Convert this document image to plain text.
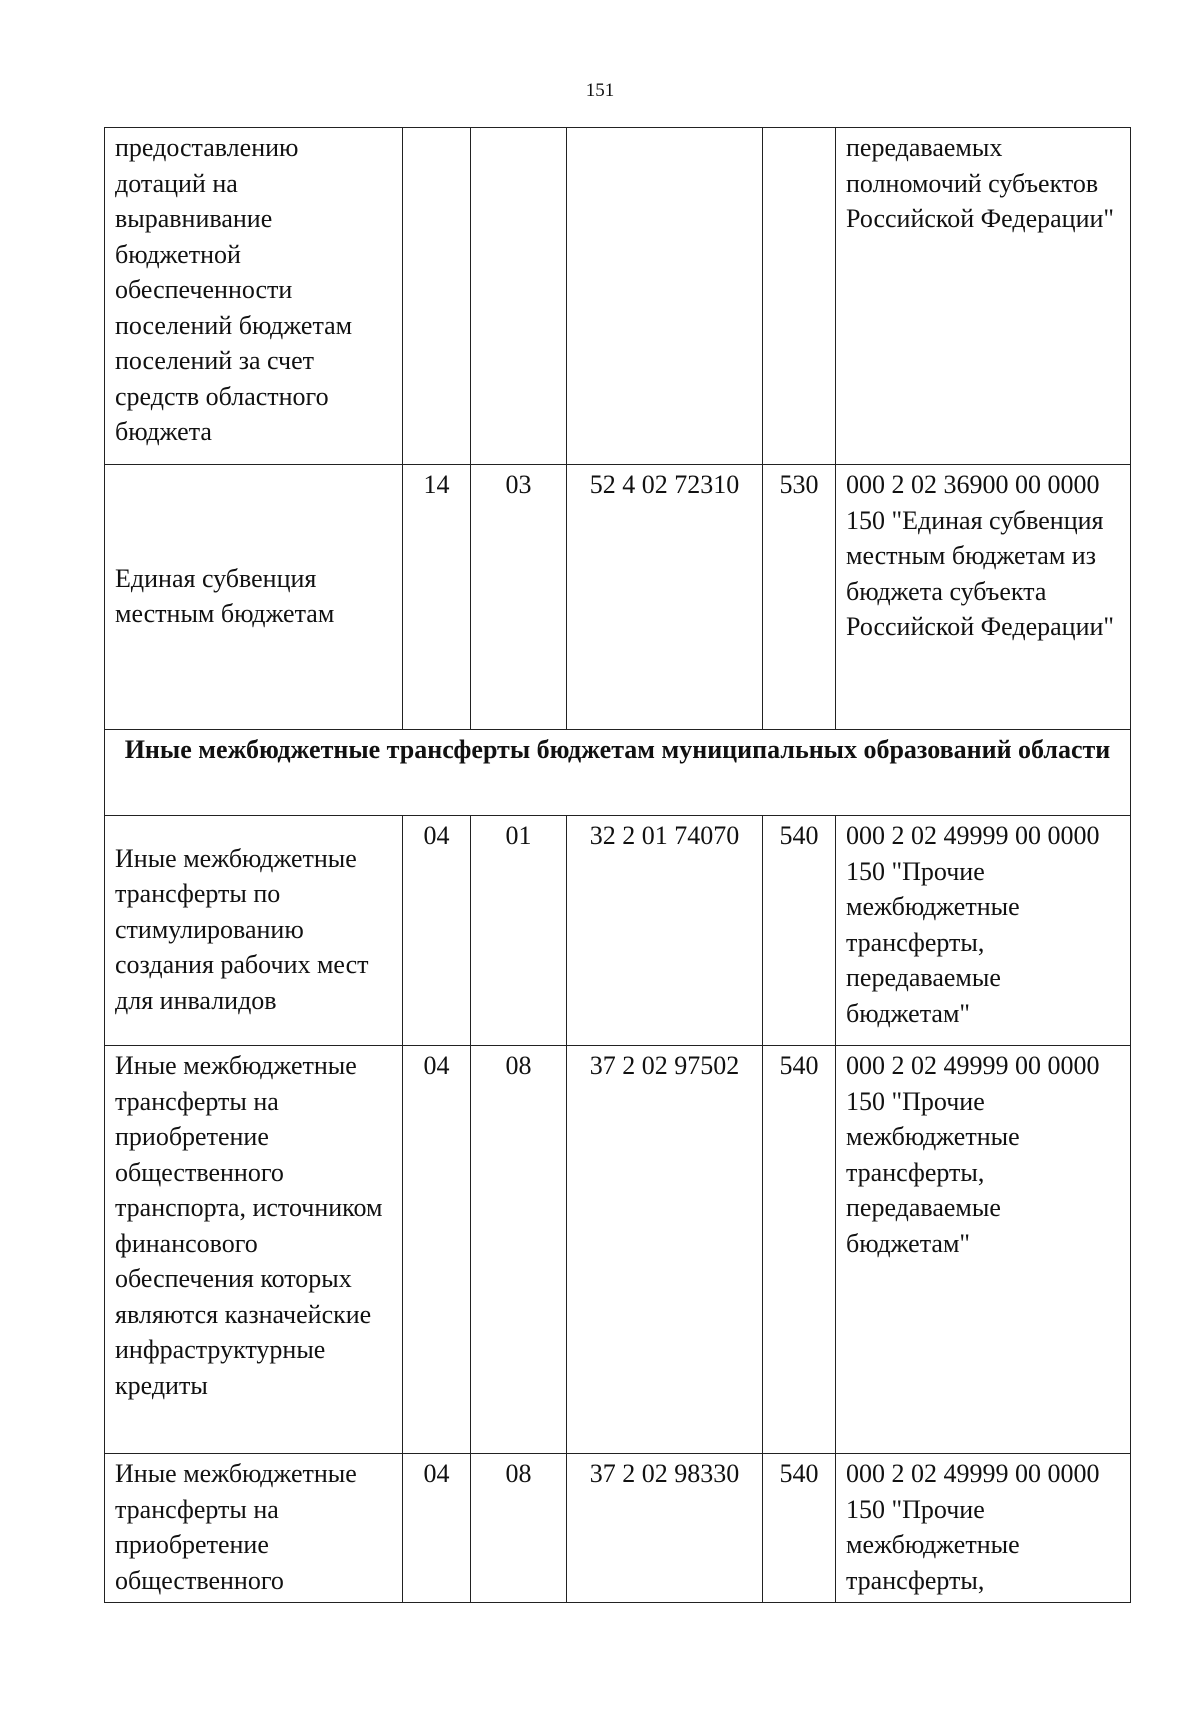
151
предоставлению дотаций на выравнивание бюджетной обеспеченности поселений бюджетам поселений за счет средств областного бюджета					передаваемых полномочий субъектов Российской Федерации"
Единая субвенция местным бюджетам	14	03	52 4 02 72310	530	000 2 02 36900 00 0000 150 "Единая субвенция местным бюджетам из бюджета субъекта Российской Федерации"
Иные межбюджетные трансферты бюджетам муниципальных образований области					
Иные межбюджетные трансферты по стимулированию создания рабочих мест для инвалидов	04	01	32 2 01 74070	540	000 2 02 49999 00 0000 150 "Прочие межбюджетные трансферты, передаваемые бюджетам"
Иные межбюджетные трансферты на приобретение общественного транспорта, источником финансового обеспечения которых являются казначейские инфраструктурные кредиты	04	08	37 2 02 97502	540	000 2 02 49999 00 0000 150 "Прочие межбюджетные трансферты, передаваемые бюджетам"
Иные межбюджетные трансферты на приобретение общественного	04	08	37 2 02 98330	540	000 2 02 49999 00 0000 150 "Прочие межбюджетные трансферты,
